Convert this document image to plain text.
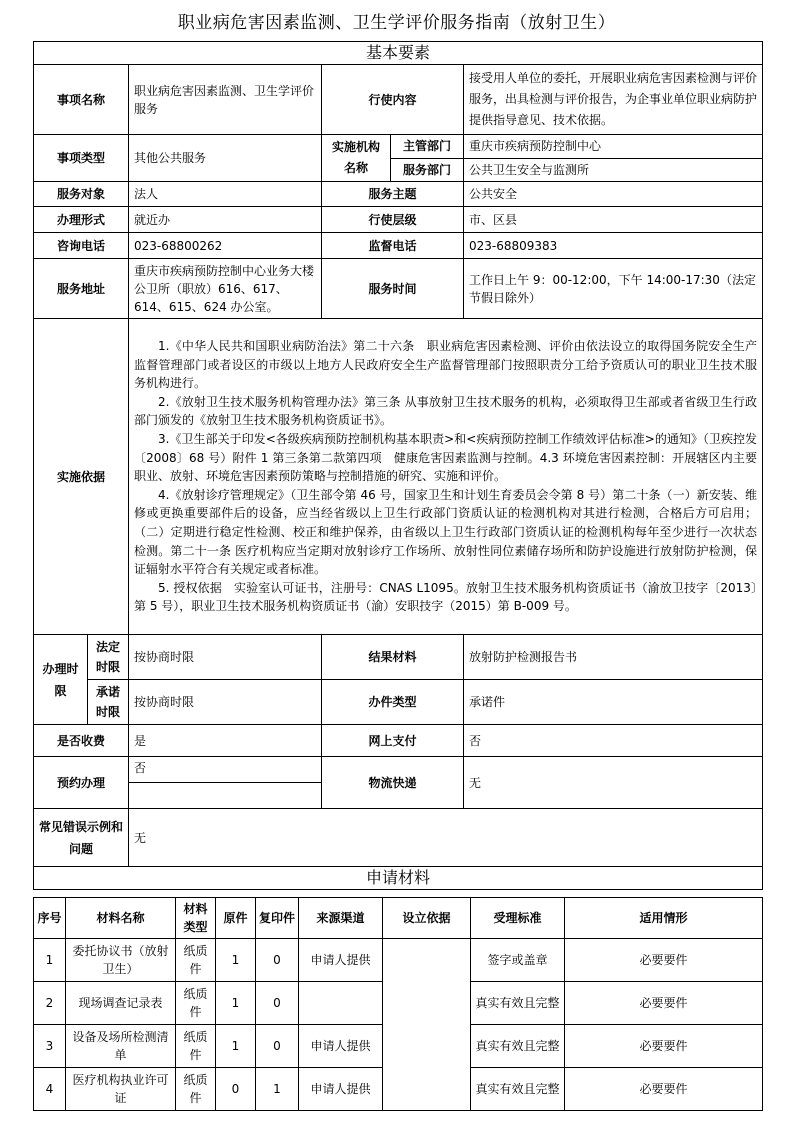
职业病危害因素监测、卫生学评价服务指南（放射卫生）
基本要素					
事项名称		职业病危害因素监测、卫生学评价服务	行使内容		接受用人单位的委托，开展职业病危害因素检测与评价服务，出具检测与评价报告，为企事业单位职业病防护提供指导意见、技术依据。
事项类型		其他公共服务	实施机构名称	主管部门	重庆市疾病预防控制中心
				服务部门	公共卫生安全与监测所
服务对象		法人	服务主题		公共安全
办理形式		就近办	行使层级		市、区县
咨询电话		023-68800262	监督电话		023-68809383
服务地址		重庆市疾病预防控制中心业务大楼公卫所（职放）616、617、614、615、624 办公室。	服务时间		工作日上午 9：00-12:00，下午 14:00-17:30（法定节假日除外）
实施依据		1.《中华人民共和国职业病防治法》第二十六条　职业病危害因素检测、评价由依法设立的取得国务院安全生产监督管理部门或者设区的市级以上地方人民政府安全生产监督管理部门按照职责分工给予资质认可的职业卫生技术服务机构进行。

2.《放射卫生技术服务机构管理办法》第三条 从事放射卫生技术服务的机构，必须取得卫生部或者省级卫生行政部门颁发的《放射卫生技术服务机构资质证书》。

3.《卫生部关于印发<各级疾病预防控制机构基本职责>和<疾病预防控制工作绩效评估标准>的通知》（卫疾控发〔2008〕68 号）附件 1 第三条第二款第四项　健康危害因素监测与控制。4.3 环境危害因素控制：开展辖区内主要职业、放射、环境危害因素预防策略与控制措施的研究、实施和评价。

4.《放射诊疗管理规定》（卫生部令第 46 号，国家卫生和计划生育委员会令第 8 号）第二十条（一）新安装、维修或更换重要部件后的设备，应当经省级以上卫生行政部门资质认证的检测机构对其进行检测，合格后方可启用；（二）定期进行稳定性检测、校正和维护保养，由省级以上卫生行政部门资质认证的检测机构每年至少进行一次状态检测。第二十一条 医疗机构应当定期对放射诊疗工作场所、放射性同位素储存场所和防护设施进行放射防护检测，保证辐射水平符合有关规定或者标准。

5. 授权依据　实验室认可证书，注册号：CNAS L1095。放射卫生技术服务机构资质证书（渝放卫技字〔2013〕第 5 号），职业卫生技术服务机构资质证书（渝）安职技字（2015）第 B-009 号。			

办理时限	法定时限	按协商时限	结果材料		放射防护检测报告书
	承诺时限	按协商时限	办件类型		承诺件
是否收费		是	网上支付		否
预约办理		否	物流快递		无

常见错误示例和问题		无			
申请材料					
序号	材料名称	材料类型	原件	复印件	来源渠道	设立依据	受理标准	适用情形
1	委托协议书（放射卫生）	纸质件	1	0	申请人提供		签字或盖章	必要要件
2	现场调查记录表	纸质件	1	0			真实有效且完整	必要要件
3	设备及场所检测清单	纸质件	1	0	申请人提供		真实有效且完整	必要要件
4	医疗机构执业许可证	纸质件	0	1	申请人提供		真实有效且完整	必要要件
